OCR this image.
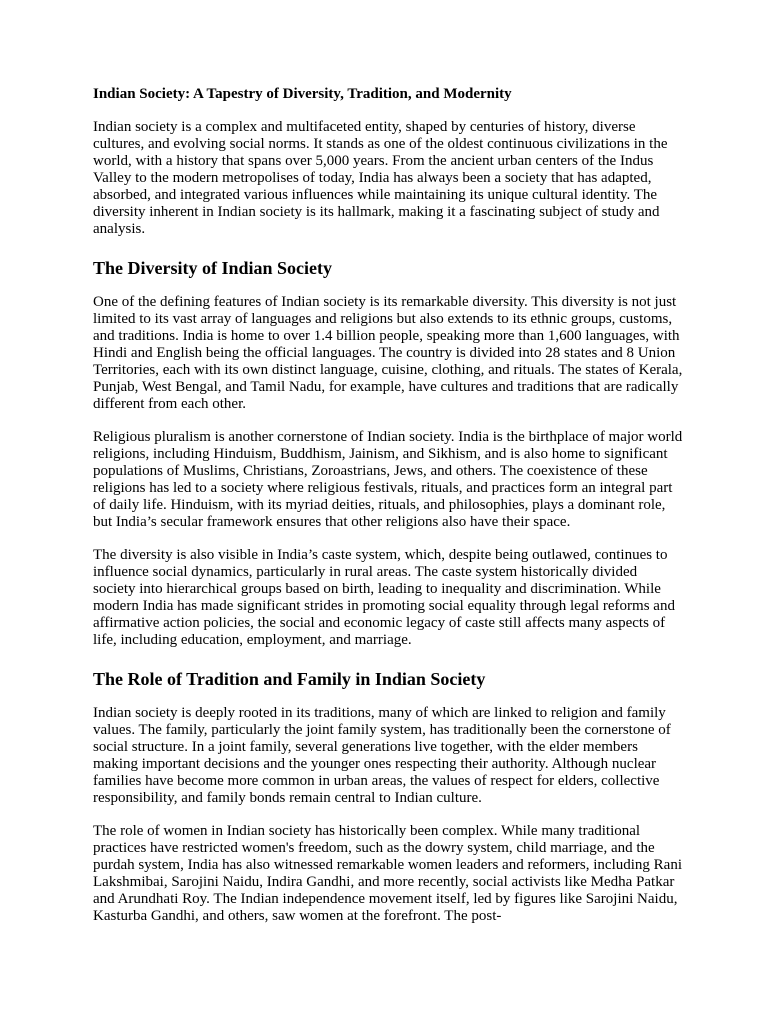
Indian Society: A Tapestry of Diversity, Tradition, and Modernity

Indian society is a complex and multifaceted entity, shaped by centuries of history, diverse cultures, and evolving social norms. It stands as one of the oldest continuous civilizations in the world, with a history that spans over 5,000 years. From the ancient urban centers of the Indus Valley to the modern metropolises of today, India has always been a society that has adapted, absorbed, and integrated various influences while maintaining its unique cultural identity. The diversity inherent in Indian society is its hallmark, making it a fascinating subject of study and analysis.

The Diversity of Indian Society

One of the defining features of Indian society is its remarkable diversity. This diversity is not just limited to its vast array of languages and religions but also extends to its ethnic groups, customs, and traditions. India is home to over 1.4 billion people, speaking more than 1,600 languages, with Hindi and English being the official languages. The country is divided into 28 states and 8 Union Territories, each with its own distinct language, cuisine, clothing, and rituals. The states of Kerala, Punjab, West Bengal, and Tamil Nadu, for example, have cultures and traditions that are radically different from each other.

Religious pluralism is another cornerstone of Indian society. India is the birthplace of major world religions, including Hinduism, Buddhism, Jainism, and Sikhism, and is also home to significant populations of Muslims, Christians, Zoroastrians, Jews, and others. The coexistence of these religions has led to a society where religious festivals, rituals, and practices form an integral part of daily life. Hinduism, with its myriad deities, rituals, and philosophies, plays a dominant role, but India’s secular framework ensures that other religions also have their space.

The diversity is also visible in India’s caste system, which, despite being outlawed, continues to influence social dynamics, particularly in rural areas. The caste system historically divided society into hierarchical groups based on birth, leading to inequality and discrimination. While modern India has made significant strides in promoting social equality through legal reforms and affirmative action policies, the social and economic legacy of caste still affects many aspects of life, including education, employment, and marriage.

The Role of Tradition and Family in Indian Society

Indian society is deeply rooted in its traditions, many of which are linked to religion and family values. The family, particularly the joint family system, has traditionally been the cornerstone of social structure. In a joint family, several generations live together, with the elder members making important decisions and the younger ones respecting their authority. Although nuclear families have become more common in urban areas, the values of respect for elders, collective responsibility, and family bonds remain central to Indian culture.

The role of women in Indian society has historically been complex. While many traditional practices have restricted women's freedom, such as the dowry system, child marriage, and the purdah system, India has also witnessed remarkable women leaders and reformers, including Rani Lakshmibai, Sarojini Naidu, Indira Gandhi, and more recently, social activists like Medha Patkar and Arundhati Roy. The Indian independence movement itself, led by figures like Sarojini Naidu, Kasturba Gandhi, and others, saw women at the forefront. The post-
